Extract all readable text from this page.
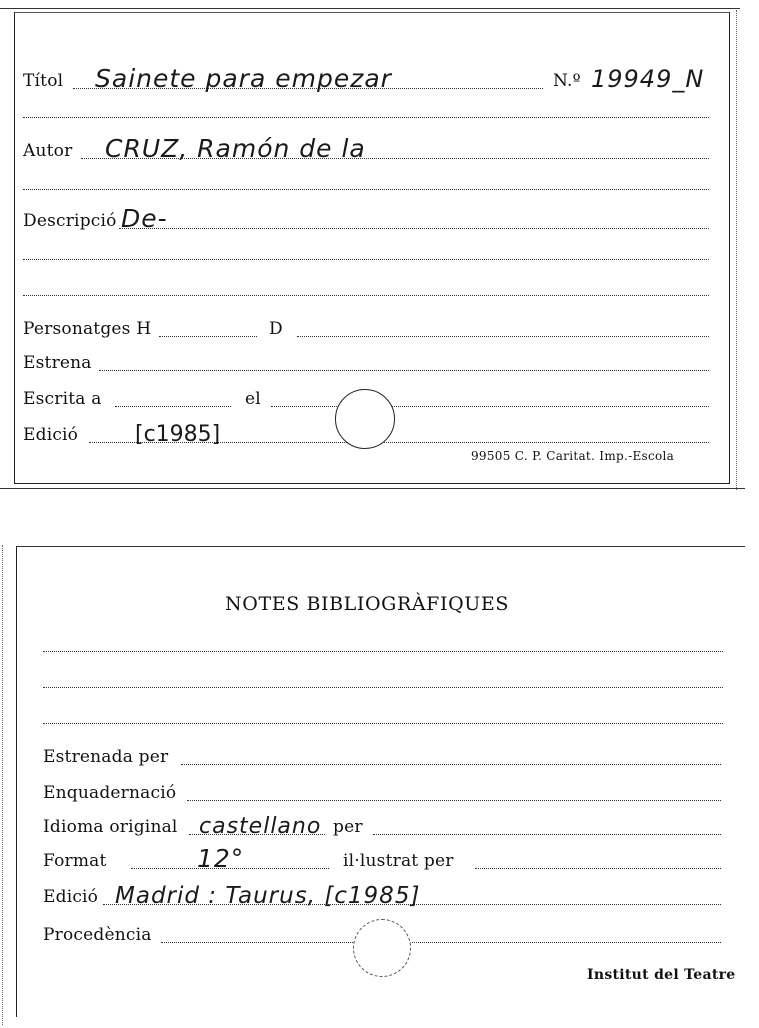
Títol Sainete para empezar	N.º 19949_N
Autor CRUZ, Ramón de la
Descripció De-
Personatges H	D
Estrena
Escrita a	el
Edició	[c1985]
99505 C. P. Caritat. Imp.-Escola
NOTES BIBLIOGRÀFIQUES
Estrenada per
Enquadernació
Idioma original castellano per
Format	12°	il·lustrat per
Edició Madrid : Taurus, [c1985]
Procedència
Institut del Teatre
